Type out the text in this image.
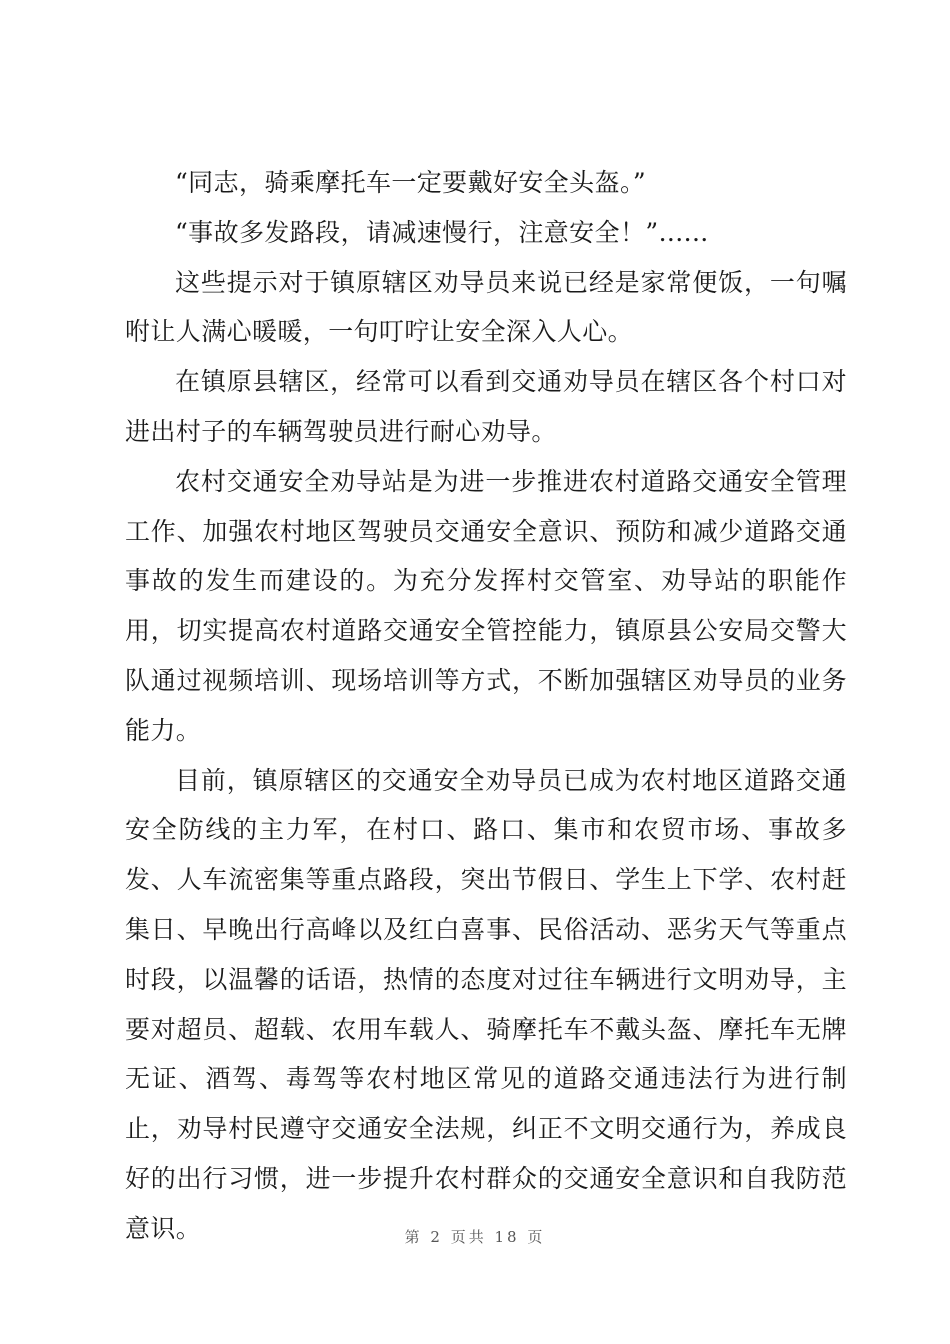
“同志，骑乘摩托车一定要戴好安全头盔。”

“事故多发路段，请减速慢行，注意安全！”......

这些提示对于镇原辖区劝导员来说已经是家常便饭，一句嘱咐让人满心暖暖，一句叮咛让安全深入人心。

在镇原县辖区，经常可以看到交通劝导员在辖区各个村口对进出村子的车辆驾驶员进行耐心劝导。

农村交通安全劝导站是为进一步推进农村道路交通安全管理工作、加强农村地区驾驶员交通安全意识、预防和减少道路交通事故的发生而建设的。为充分发挥村交管室、劝导站的职能作用，切实提高农村道路交通安全管控能力，镇原县公安局交警大队通过视频培训、现场培训等方式，不断加强辖区劝导员的业务能力。

目前，镇原辖区的交通安全劝导员已成为农村地区道路交通安全防线的主力军，在村口、路口、集市和农贸市场、事故多发、人车流密集等重点路段，突出节假日、学生上下学、农村赶集日、早晚出行高峰以及红白喜事、民俗活动、恶劣天气等重点时段，以温馨的话语，热情的态度对过往车辆进行文明劝导，主要对超员、超载、农用车载人、骑摩托车不戴头盔、摩托车无牌无证、酒驾、毒驾等农村地区常见的道路交通违法行为进行制止，劝导村民遵守交通安全法规，纠正不文明交通行为，养成良好的出行习惯，进一步提升农村群众的交通安全意识和自我防范意识。	第 2 页共 18 页
